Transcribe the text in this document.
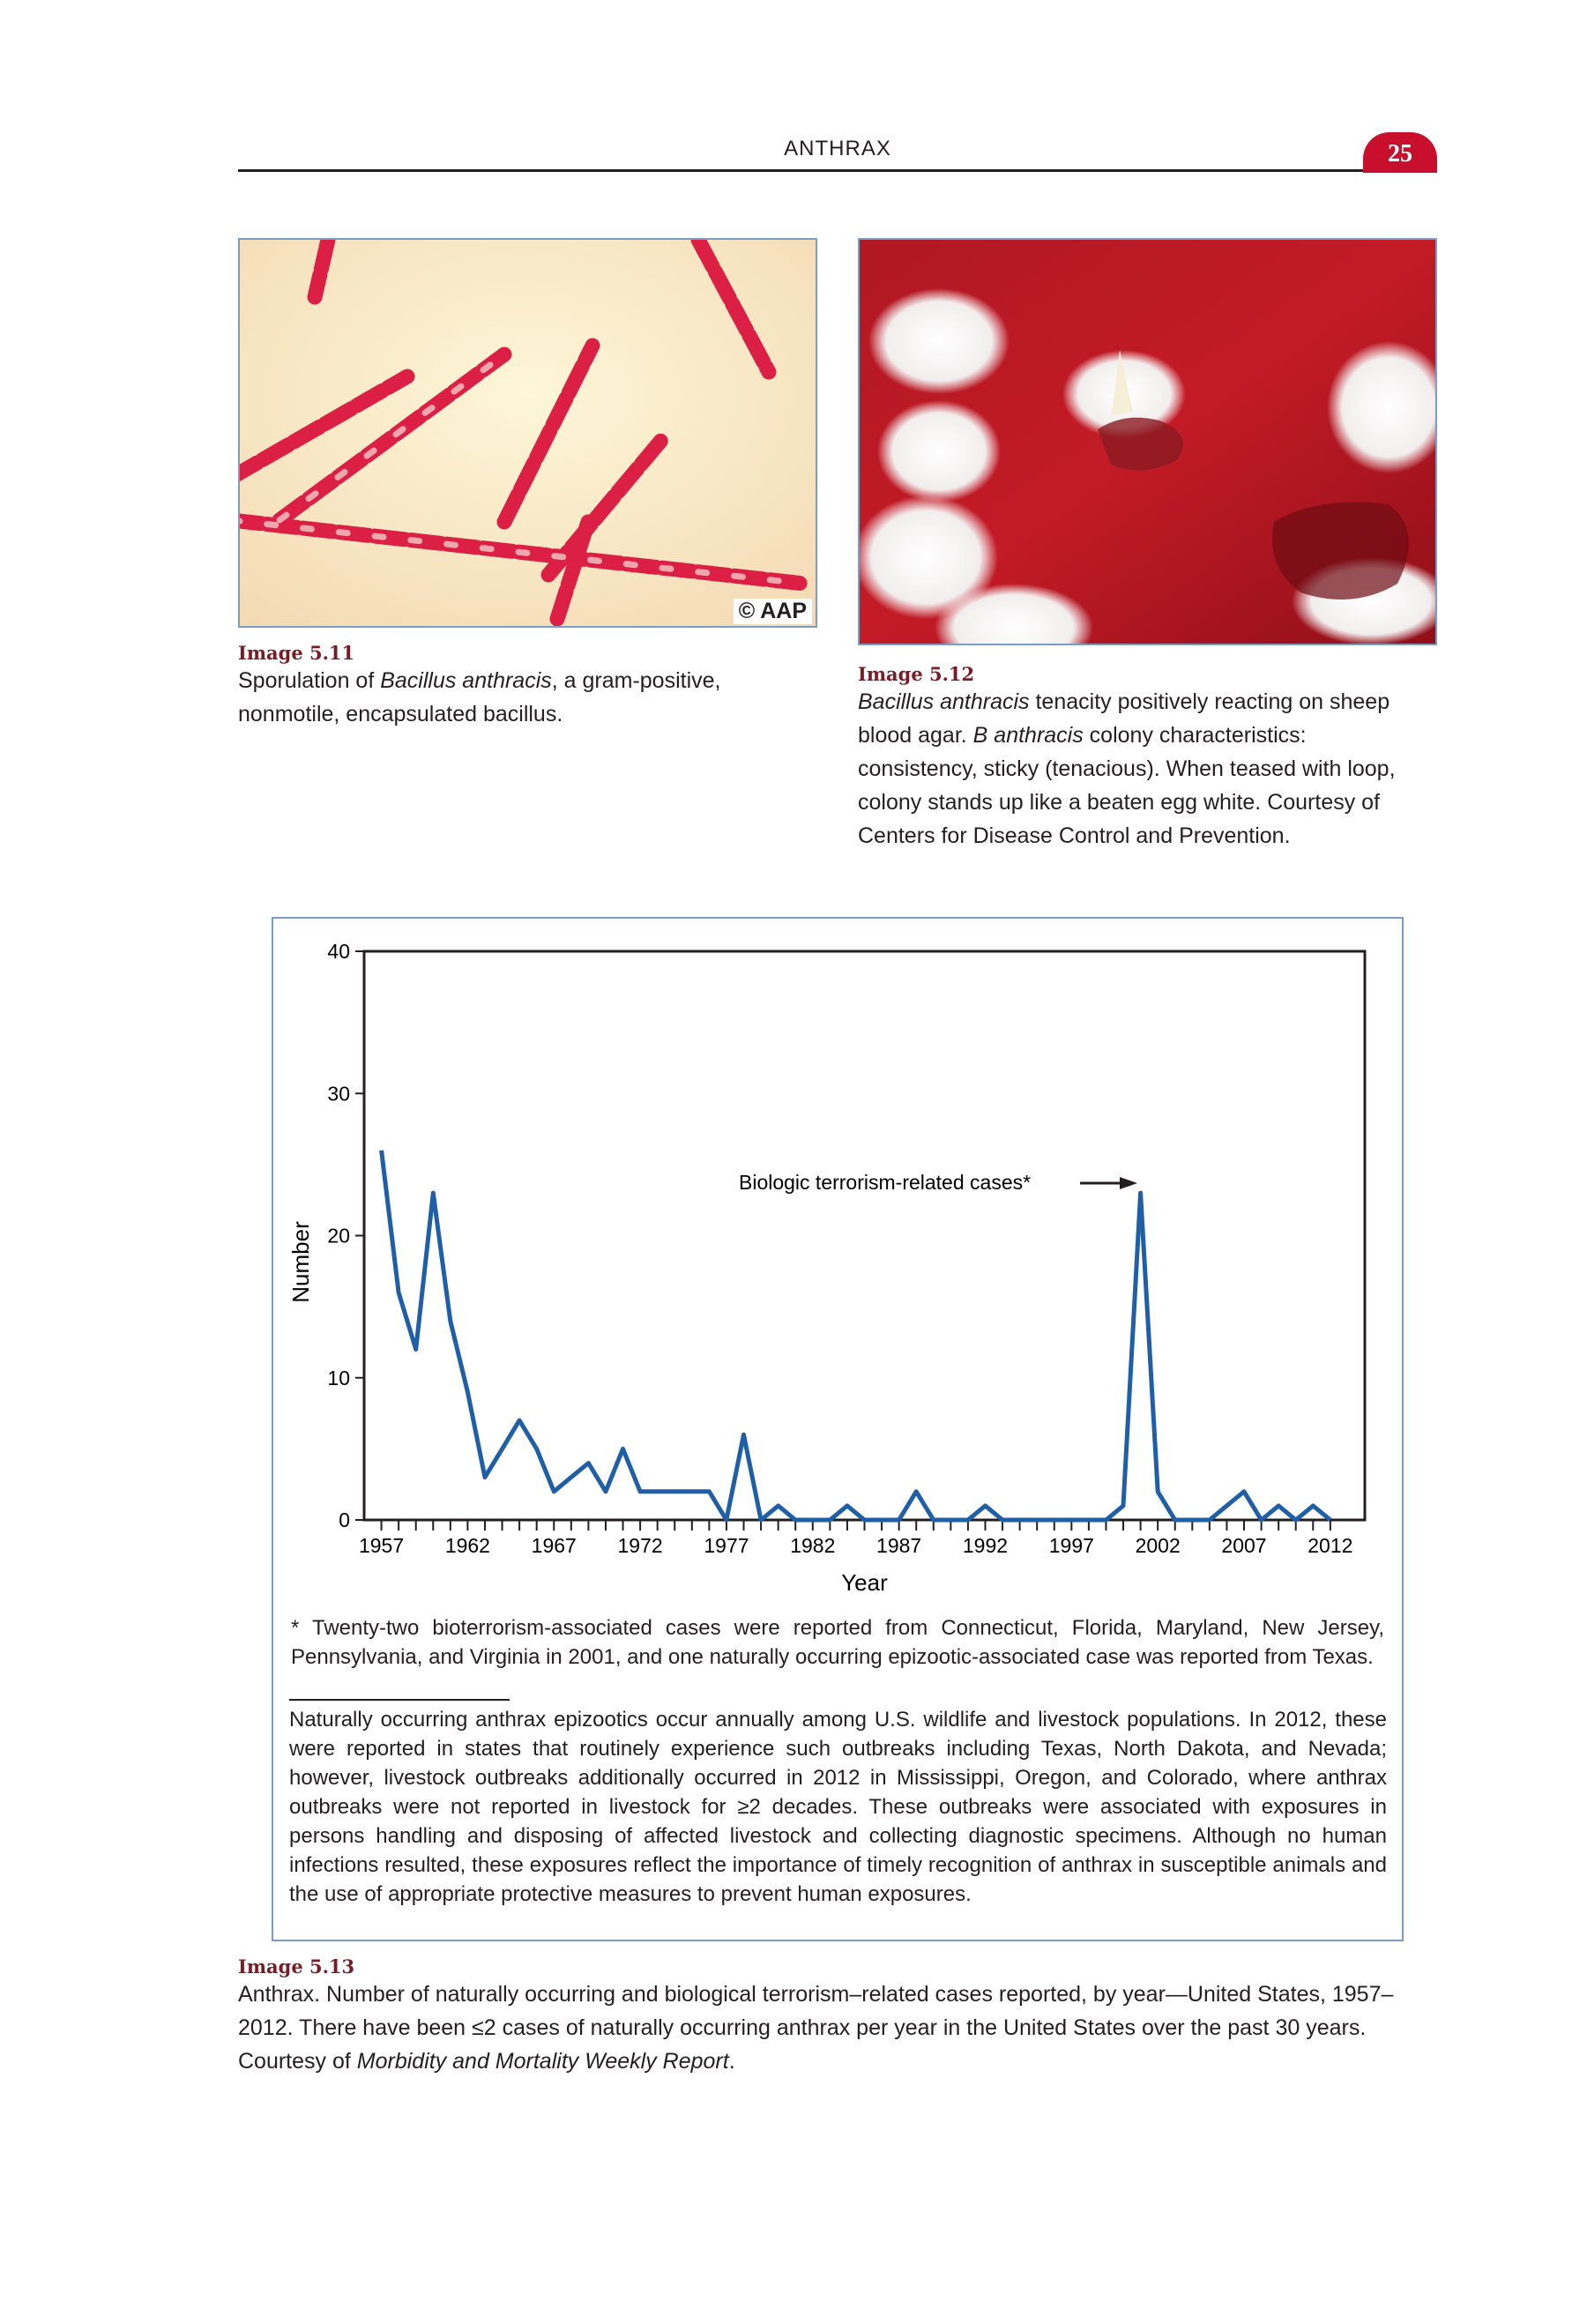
ANTHRAX	25
© AAP
Image 5.11
Sporulation of Bacillus anthracis, a gram-positive, nonmotile, encapsulated bacillus.
Image 5.12
Bacillus anthracis tenacity positively reacting on sheep blood agar. B anthracis colony characteristics: consistency, sticky (tenacious). When teased with loop, colony stands up like a beaten egg white. Courtesy of Centers for Disease Control and Prevention.
0
10
20
30
40
1957 1962 1967 1972 1977 1982 1987 1992 1997 2002 2007 2012
Year
Number
Biologic terrorism-related cases*
* Twenty-two bioterrorism-associated cases were reported from Connecticut, Florida, Maryland, New Jersey, Pennsylvania, and Virginia in 2001, and one naturally occurring epizootic-associated case was reported from Texas.
Naturally occurring anthrax epizootics occur annually among U.S. wildlife and livestock populations. In 2012, these were reported in states that routinely experience such outbreaks including Texas, North Dakota, and Nevada; however, livestock outbreaks additionally occurred in 2012 in Mississippi, Oregon, and Colorado, where anthrax outbreaks were not reported in livestock for ≥2 decades. These outbreaks were associated with exposures in persons handling and disposing of affected livestock and collecting diagnostic specimens. Although no human infections resulted, these exposures reflect the importance of timely recognition of anthrax in susceptible animals and the use of appropriate protective measures to prevent human exposures.
Image 5.13
Anthrax. Number of naturally occurring and biological terrorism–related cases reported, by year—United States, 1957–2012. There have been ≤2 cases of naturally occurring anthrax per year in the United States over the past 30 years. Courtesy of Morbidity and Mortality Weekly Report.
